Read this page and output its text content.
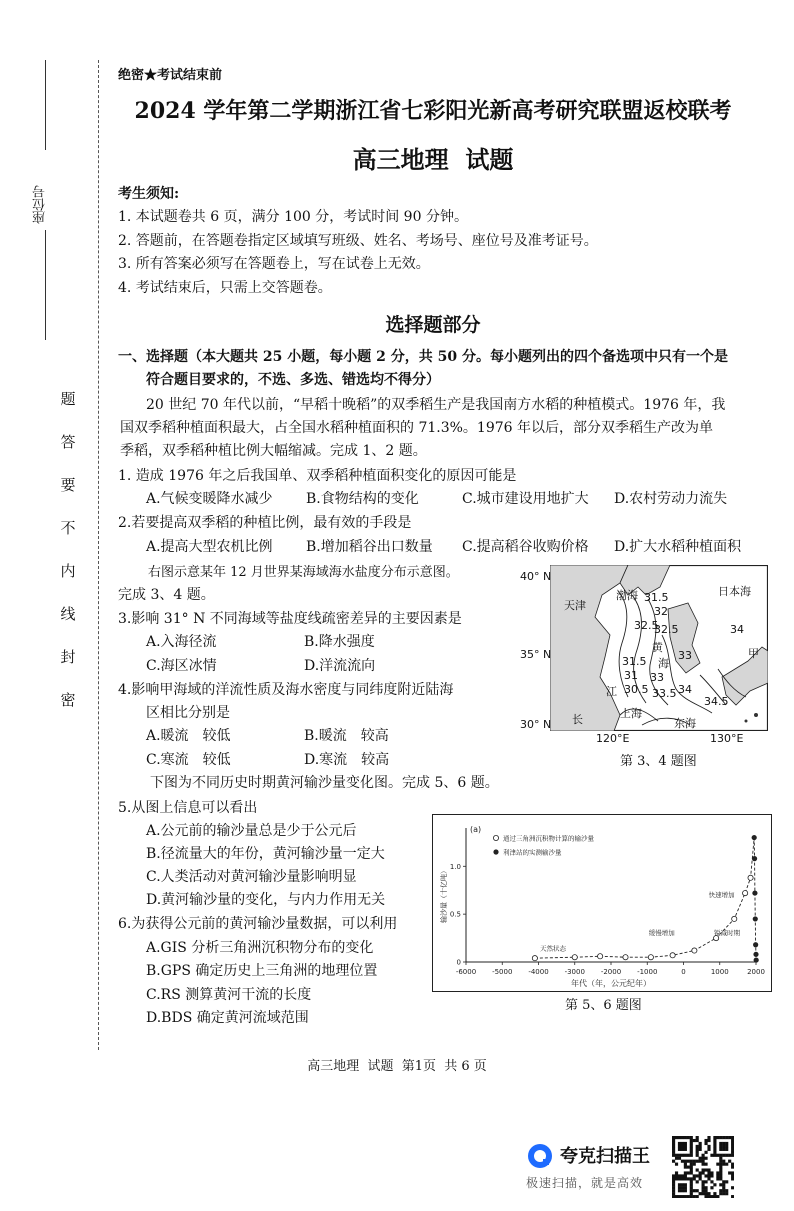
座位号
题
答
要
不
内
线
封
密
绝密★考试结束前
2024 学年第二学期浙江省七彩阳光新高考研究联盟返校联考
高三地理  试题
考生须知:
1. 本试题卷共 6 页，满分 100 分，考试时间 90 分钟。
2. 答题前，在答题卷指定区域填写班级、姓名、考场号、座位号及准考证号。
3. 所有答案必须写在答题卷上，写在试卷上无效。
4. 考试结束后，只需上交答题卷。
选择题部分
一、选择题（本大题共 25 小题，每小题 2 分，共 50 分。每小题列出的四个备选项中只有一个是
符合题目要求的，不选、多选、错选均不得分）
20 世纪 70 年代以前，“早稻十晚稻”的双季稻生产是我国南方水稻的种植模式。1976 年，我
国双季稻种植面积最大，占全国水稻种植面积的 71.3%。1976 年以后，部分双季稻生产改为单
季稻，双季稻种植比例大幅缩减。完成 1、2 题。
1. 造成 1976 年之后我国单、双季稻种植面积变化的原因可能是
A.气候变暖降水减少 B.食物结构的变化	C.城市建设用地扩大 D.农村劳动力流失
2.若要提高双季稻的种植比例，最有效的手段是
A.提高大型农机比例 B.增加稻谷出口数量 C.提高稻谷收购价格 D.扩大水稻种植面积
右图示意某年 12 月世界某海域海水盐度分布示意图。
完成 3、4 题。
3.影响 31° N 不同海域等盐度线疏密差异的主要因素是
A.入海径流	B.降水强度
C.海区冰情	D.洋流流向
4.影响甲海域的洋流性质及海水密度与同纬度附近陆海
区相比分别是
A.暖流　较低	B.暖流　较高
C.寒流　较低	D.寒流　较高
天津
渤海	日本海
黄
海
江
长	上海
东海
甲
31.5
32
32.5
32.5
33
33
34
31.5
31
30.5 33.5 34
34.5
40° N
35° N
30° N
120°E	130°E
第 3、4 题图
下图为不同历史时期黄河输沙量变化图。完成 5、6 题。
5.从图上信息可以看出
A.公元前的输沙量总是少于公元后
B.径流量大的年份，黄河输沙量一定大
C.人类活动对黄河输沙量影响明显
D.黄河输沙量的变化，与内力作用无关
6.为获得公元前的黄河输沙量数据，可以利用
A.GIS 分析三角洲沉积物分布的变化
B.GPS 确定历史上三角洲的地理位置
C.RS 测算黄河干流的长度
D.BDS 确定黄河流域范围
-6000 -5000 -4000 -3000 -2000 -1000	0	1000	2000
0
0.5
1.0
年代（年，公元纪年）
输沙量（十亿吨）
(a)
通过三角洲沉积物计算的输沙量
利津站的实测输沙量
天然状态
缓慢增加
快速增加
锐减时期
第 5、6 题图
高三地理  试题  第1页  共 6 页
夸克扫描王
极速扫描，就是高效
